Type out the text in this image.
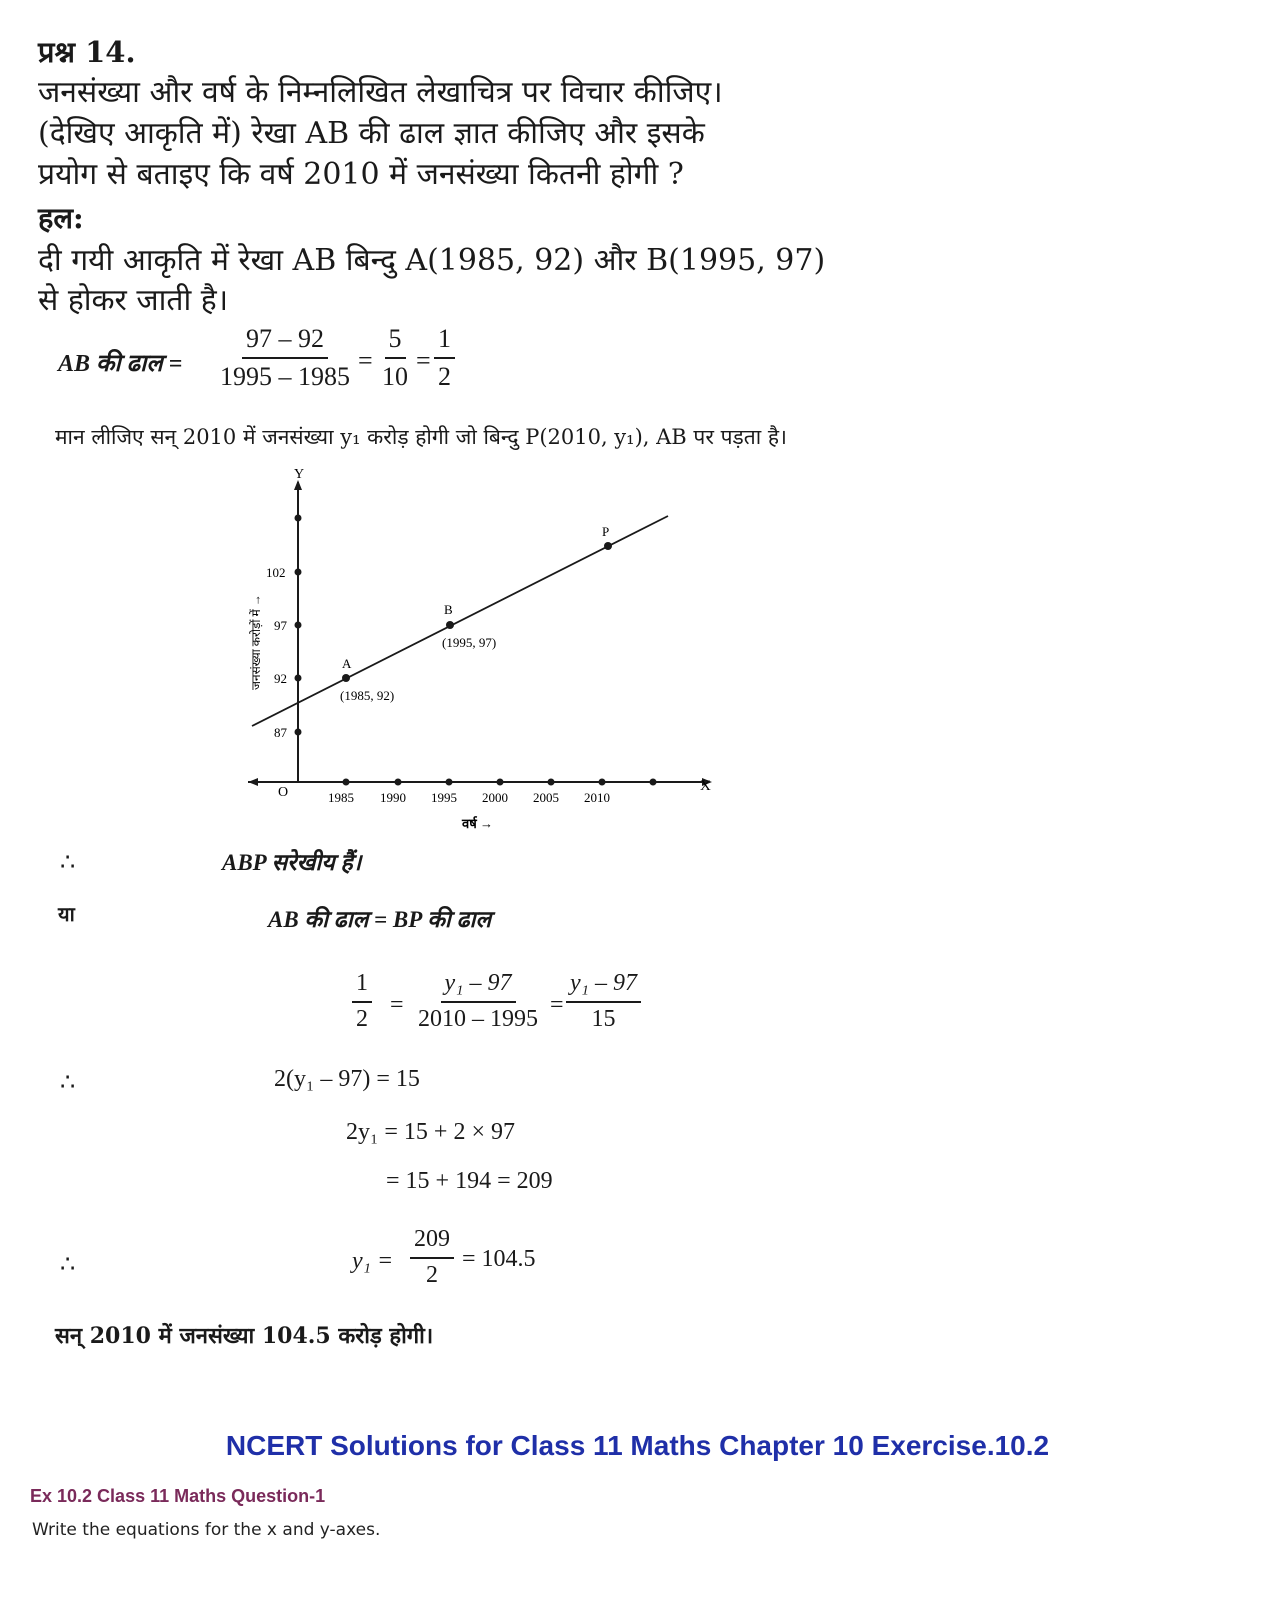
प्रश्न 14.
जनसंख्या और वर्ष के निम्नलिखित लेखाचित्र पर विचार कीजिए।
(देखिए आकृति में) रेखा AB की ढाल ज्ञात कीजिए और इसके
प्रयोग से बताइए कि वर्ष 2010 में जनसंख्या कितनी होगी ?
हल:
दी गयी आकृति में रेखा AB बिन्दु A(1985, 92) और B(1995, 97)
से होकर जाती है।
AB की ढाल = $\frac{97 - 92}{1995 - 1985} = \frac{5}{10} = \frac{1}{2}$
मान लीजिए सन् 2010 में जनसंख्या y₁ करोड़ होगी जो बिन्दु P(2010, y₁), AB पर पड़ता है।
Y
X
O
87
92
97
102
जनसंख्या करोड़ों में →
1985 1990 1995 2000 2005 2010
वर्ष →
A
(1985, 92)
B
(1995, 97)
P
∴	ABP सरेखीय हैं।
या	AB की ढाल = BP की ढाल
$\frac{1}{2} = \frac{\text{y₁ – 97}}{2010 - 1995} = \frac{\text{y₁ – 97}}{15}$
∴	2(y₁ – 97) = 15
2y₁ = 15 + 2 × 97
= 15 + 194 = 209
∴	$y_1 = \frac{209}{2} = 104.5$
सन् 2010 में जनसंख्या 104.5 करोड़ होगी।
NCERT Solutions for Class 11 Maths Chapter 10 Exercise.10.2
Ex 10.2 Class 11 Maths Question-1
Write the equations for the x and y-axes.
